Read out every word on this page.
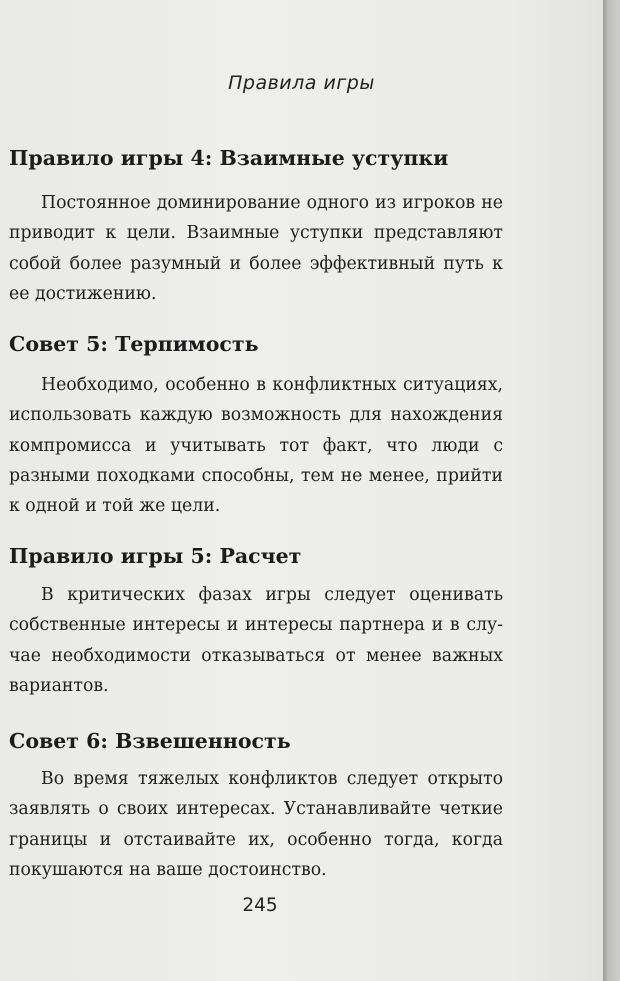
Правила игры
Правило игры 4: Взаимные уступки

Постоянное доминирование одного из игроков не приводит к цели. Взаимные уступки представляют собой более разумный и более эффективный путь к ее достижению.

Совет 5: Терпимость

Необходимо, особенно в конфликтных ситуациях, использовать каждую возможность для нахождения компромисса и учитывать тот факт, что люди с разными походками способны, тем не менее, прийти к одной и той же цели.

Правило игры 5: Расчет

В критических фазах игры следует оценивать собственные интересы и интересы партнера и в случае необходимости отказываться от менее важных вариантов.

Совет 6: Взвешенность

Во время тяжелых конфликтов следует открыто заявлять о своих интересах. Устанавливайте четкие границы и отстаивайте их, особенно тогда, когда покушаются на ваше достоинство.

245
